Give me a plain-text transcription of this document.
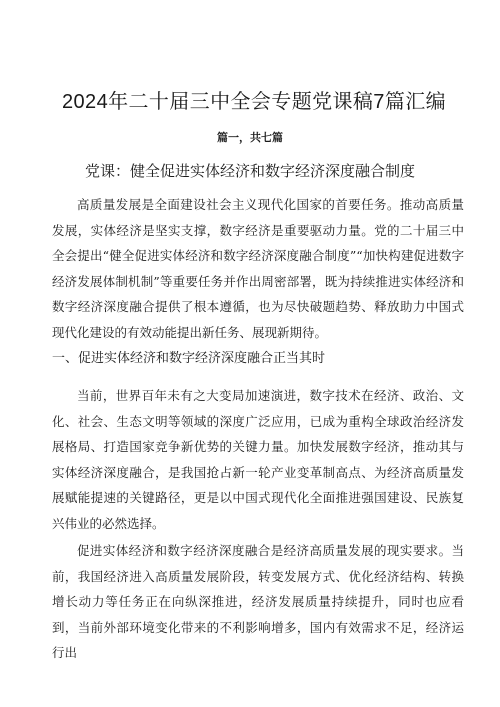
2024年二十届三中全会专题党课稿7篇汇编

篇一，共七篇

党课：健全促进实体经济和数字经济深度融合制度

高质量发展是全面建设社会主义现代化国家的首要任务。推动高质量发展，实体经济是坚实支撑，数字经济是重要驱动力量。党的二十届三中全会提出“健全促进实体经济和数字经济深度融合制度”“加快构建促进数字经济发展体制机制”等重要任务并作出周密部署，既为持续推进实体经济和数字经济深度融合提供了根本遵循，也为尽快破题趋势、释放助力中国式现代化建设的有效动能提出新任务、展现新期待。

一、促进实体经济和数字经济深度融合正当其时

当前，世界百年未有之大变局加速演进，数字技术在经济、政治、文化、社会、生态文明等领域的深度广泛应用，已成为重构全球政治经济发展格局、打造国家竞争新优势的关键力量。加快发展数字经济，推动其与实体经济深度融合，是我国抢占新一轮产业变革制高点、为经济高质量发展赋能提速的关键路径，更是以中国式现代化全面推进强国建设、民族复兴伟业的必然选择。

促进实体经济和数字经济深度融合是经济高质量发展的现实要求。当前，我国经济进入高质量发展阶段，转变发展方式、优化经济结构、转换增长动力等任务正在向纵深推进，经济发展质量持续提升，同时也应看到，当前外部环境变化带来的不利影响增多，国内有效需求不足，经济运行出
